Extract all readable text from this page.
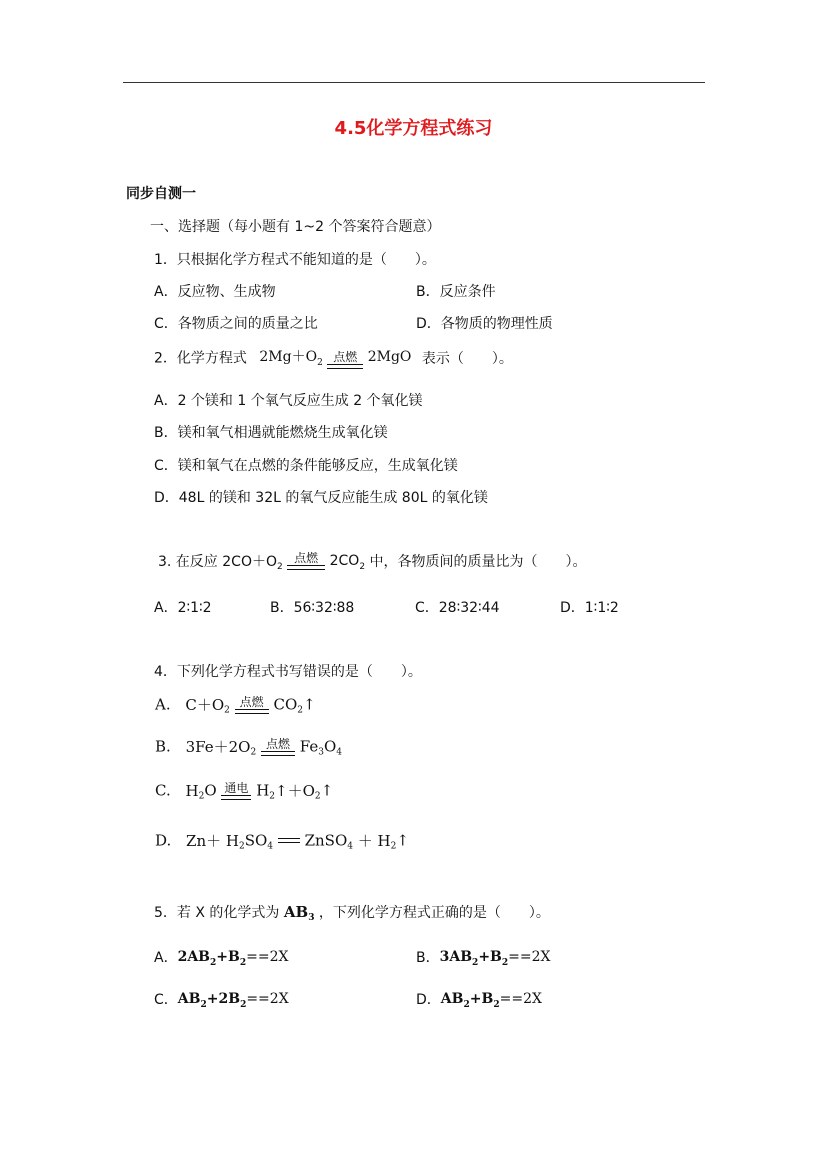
4.5化学方程式练习
同步自测一
一、选择题（每小题有 1~2 个答案符合题意）
1．只根据化学方程式不能知道的是（　　）。
A．反应物、生成物	B．反应条件
C．各物质之间的质量之比	D．各物质的物理性质
2．化学方程式 $2Mg+O_2$ 点燃 2MgO 表示（　　）。
A．2 个镁和 1 个氧气反应生成 2 个氧化镁
B．镁和氧气相遇就能燃烧生成氧化镁
C．镁和氧气在点燃的条件能够反应，生成氧化镁
D．48L 的镁和 32L 的氧气反应能生成 80L 的氧化镁
3. 在反应 $2CO+O_2$
点燃 $2CO_2$ 中，各物质间的质量比为（　　）。
A．2∶1∶2	B．56∶32∶88	C．28∶32∶44	D．1∶1∶2
4．下列化学方程式书写错误的是（　　）。
A. $C+O_2$
点燃 $CO_2↑$
B. $3Fe+2O_2$
点燃 $Fe_3O_4$
C. $H_2O$ 通电 $H_2↑+O_2↑$
D. $Zn+ H_2SO_4$ ZnSO$_4$ ＋ $H_2↑$
5．若 X 的化学式为 $AB_3$ ，下列化学方程式正确的是（　　）。
A．$2AB_2+B_2==2X$	B．$3AB_2+B_2==2X$
C．$AB_2+2B_2==2X$	D．$AB_2+B_2==2X$
